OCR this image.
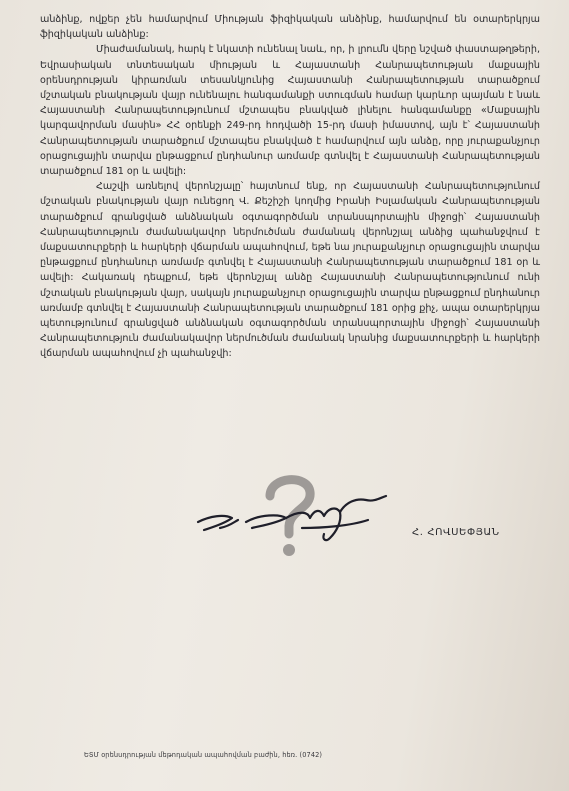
անձինք, ովքեր չեն համարվում Միության ֆիզիկական անձինք, համարվում են օտարերկրյա ֆիզիկական անձինք:

Միաժամանակ, հարկ է նկատի ունենալ նաև, որ, ի լրումն վերը նշված փաստաթղթերի, Եվրասիական տնտեսական միության և Հայաստանի Հանրապետության մաքսային օրենսդրության կիրառման տեսանկյունից Հայաստանի Հանրապետության տարածքում մշտական բնակության վայր ունենալու հանգամանքի ստուգման համար կարևոր պայման է նաև Հայաստանի Հանրապետությունում մշտապես բնակված լինելու հանգամանքը «Մաքսային կարգավորման մասին» ՀՀ օրենքի 249-րդ հոդվածի 15-րդ մասի իմաստով, այն է՝ Հայաստանի Հանրապետության տարածքում մշտապես բնակված է համարվում այն անձը, որը յուրաքանչյուր օրացուցային տարվա ընթացքում ընդհանուր առմամբ գտնվել է Հայաստանի Հանրապետության տարածքում 181 օր և ավելի:

Հաշվի առնելով վերոնշյալը՝ հայտնում ենք, որ Հայաստանի Հանրապետությունում մշտական բնակության վայր ունեցող Վ. Քեշիշի կողմից Իրանի Իսլամական Հանրապետության տարածքում գրանցված անձնական օգտագործման տրանսպորտային միջոցի՝ Հայաստանի Հանրապետություն ժամանակավոր ներմուծման ժամանակ վերոնշյալ անձից պահանջվում է մաքսատուրքերի և հարկերի վճարման ապահովում, եթե նա յուրաքանչյուր օրացուցային տարվա ընթացքում ընդհանուր առմամբ գտնվել է Հայաստանի Հանրապետության տարածքում 181 օր և ավելի: Հակառակ դեպքում, եթե վերոնշյալ անձը Հայաստանի Հանրապետությունում ունի մշտական բնակության վայր, սակայն յուրաքանչյուր օրացուցային տարվա ընթացքում ընդհանուր առմամբ գտնվել է Հայաստանի Հանրապետության տարածքում 181 օրից քիչ, ապա օտարերկրյա պետությունում գրանցված անձնական օգտագործման տրանսպորտային միջոցի՝ Հայաստանի Հանրապետություն ժամանակավոր ներմուծման ժամանակ նրանից մաքսատուրքերի և հարկերի վճարման ապահովում չի պահանջվի:

Հ. ՀՈՎՍԵՓՅԱՆ
ԵՏՄ օրենսդրության մեթոդական ապահովման բաժին, հեռ. (0742)
